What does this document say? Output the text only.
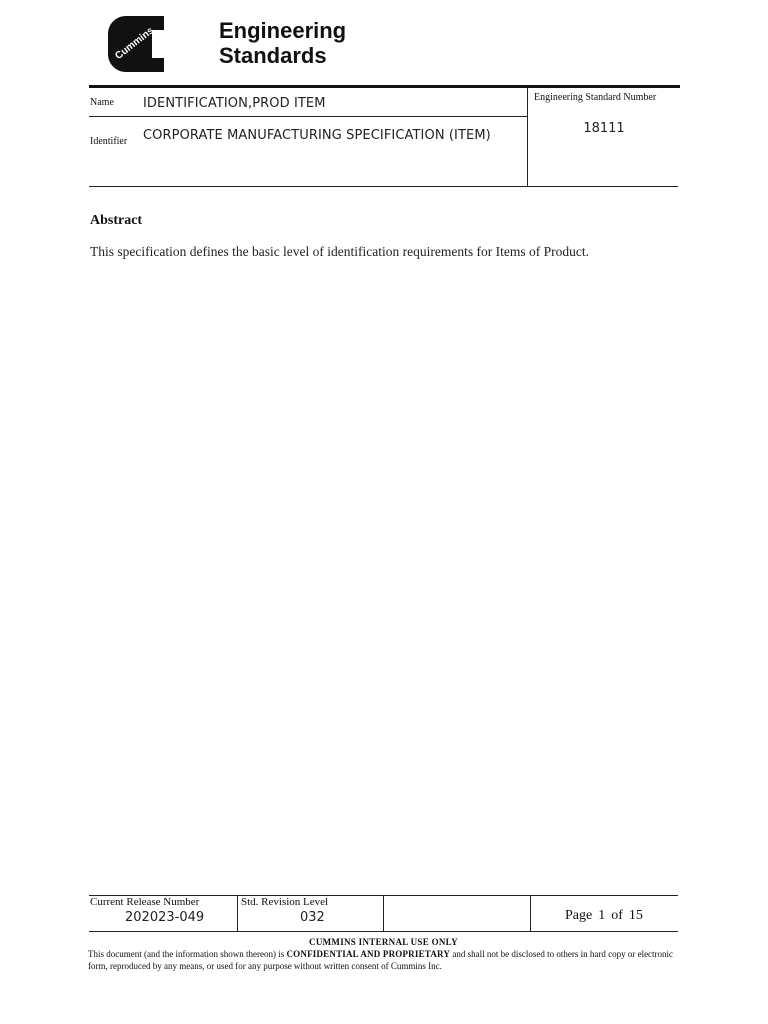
Cummins	Engineering
Standards
Name IDENTIFICATION,PROD ITEM
Identifier CORPORATE MANUFACTURING SPECIFICATION (ITEM)
Engineering Standard Number
18111
Abstract
This specification defines the basic level of identification requirements for Items of Product.
Current Release Number
202023-049
Std. Revision Level
032	Page 1 of 15
CUMMINS INTERNAL USE ONLY
This document (and the information shown thereon) is CONFIDENTIAL AND PROPRIETARY and shall not be disclosed to others in hard copy or electronic form, reproduced by any means, or used for any purpose without written consent of Cummins Inc.
